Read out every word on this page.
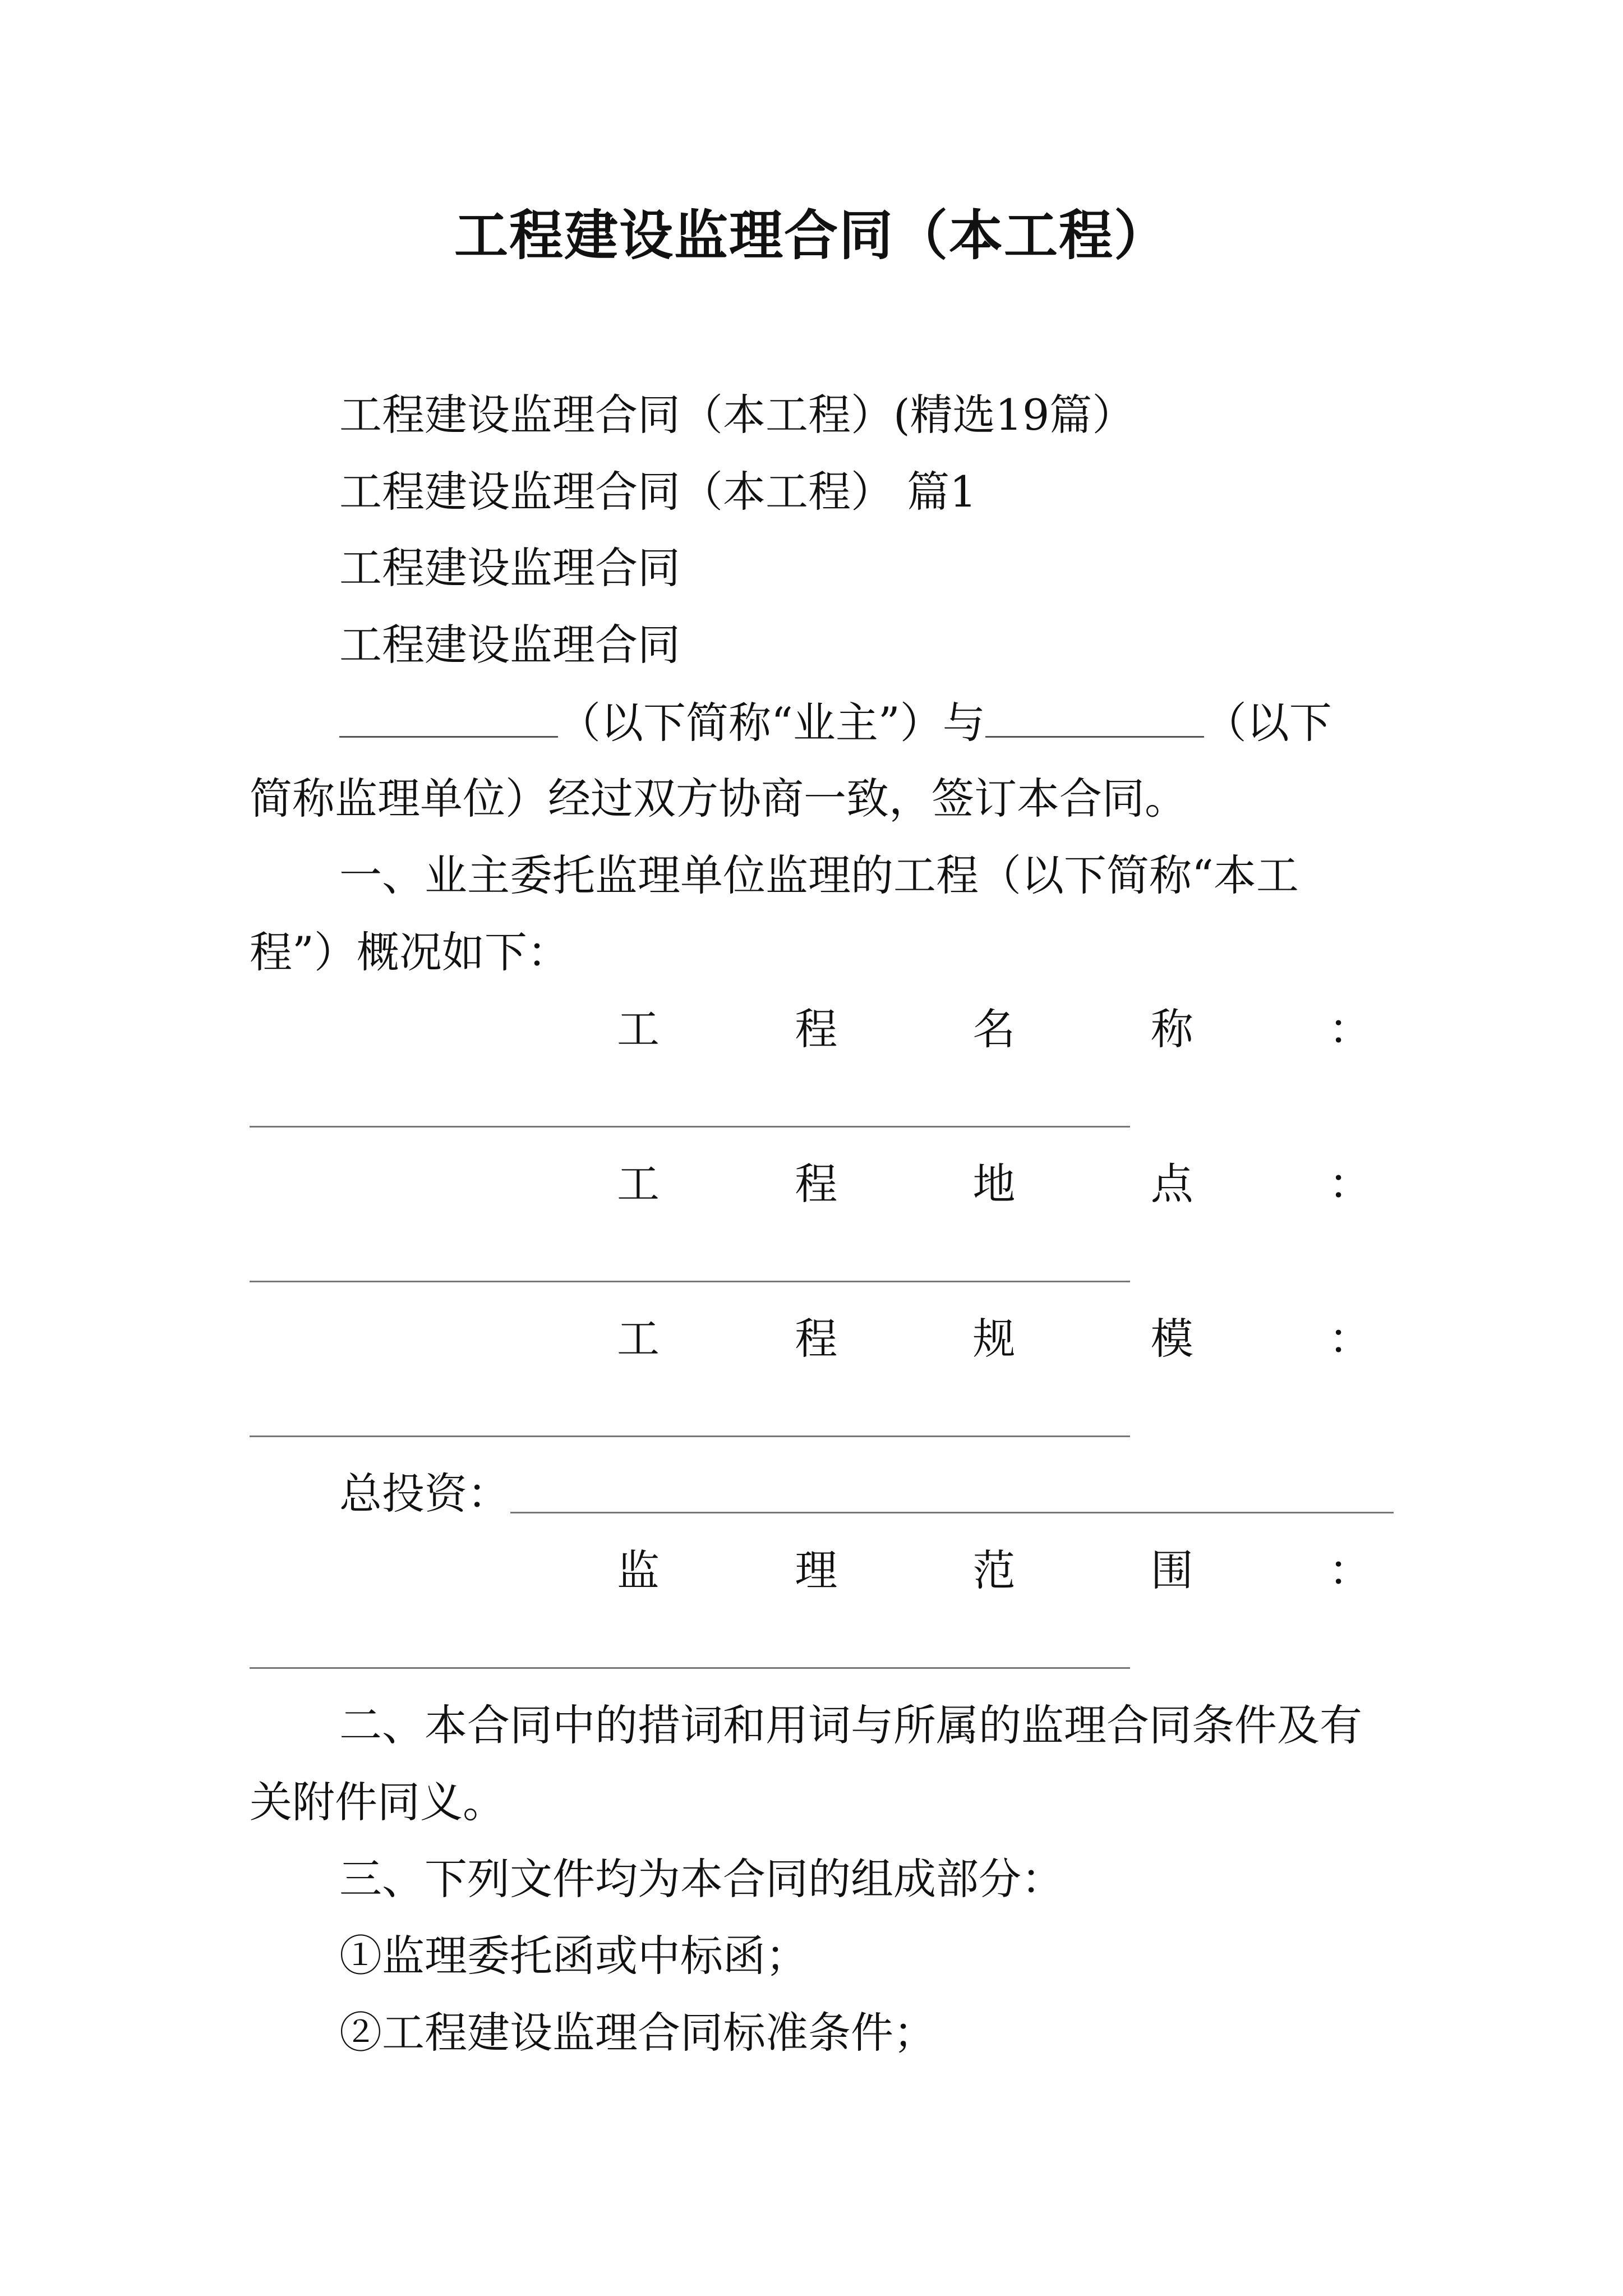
工程建设监理合同（本工程）
工程建设监理合同（本工程）(精选19篇）
工程建设监理合同（本工程） 篇1
工程建设监理合同
工程建设监理合同
（以下简称“业主”）与	（以下
简称监理单位）经过双方协商一致，签订本合同。
一、业主委托监理单位监理的工程（以下简称“本工
程”）概况如下：
工	程	名	称	：
工	程	地	点	：
工	程	规	模	：
总投资：
监	理	范	围	：
二、本合同中的措词和用词与所属的监理合同条件及有
关附件同义。
三、下列文件均为本合同的组成部分：
①监理委托函或中标函；
②工程建设监理合同标准条件；
